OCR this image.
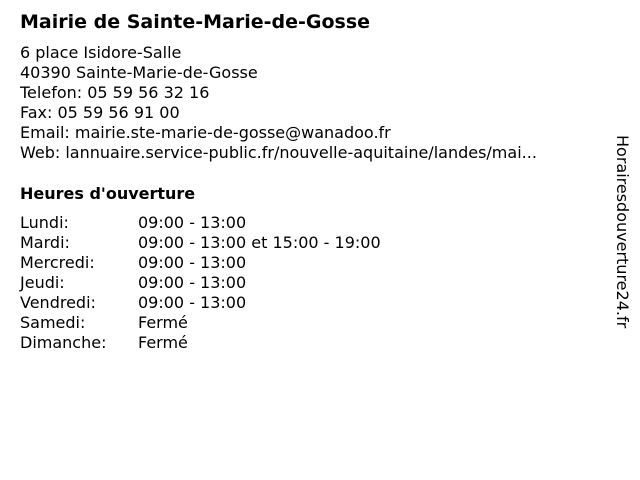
Mairie de Sainte-Marie-de-Gosse
6 place Isidore-Salle
40390 Sainte-Marie-de-Gosse
Telefon: 05 59 56 32 16
Fax: 05 59 56 91 00
Email: mairie.ste-marie-de-gosse@wanadoo.fr
Web: lannuaire.service-public.fr/nouvelle-aquitaine/landes/mai...
Heures d'ouverture
Lundi:	09:00 - 13:00
Mardi:	09:00 - 13:00 et 15:00 - 19:00
Mercredi:	09:00 - 13:00
Jeudi:	09:00 - 13:00
Vendredi:	09:00 - 13:00
Samedi:	Fermé
Dimanche: Fermé
Horairesdouverture24.fr
